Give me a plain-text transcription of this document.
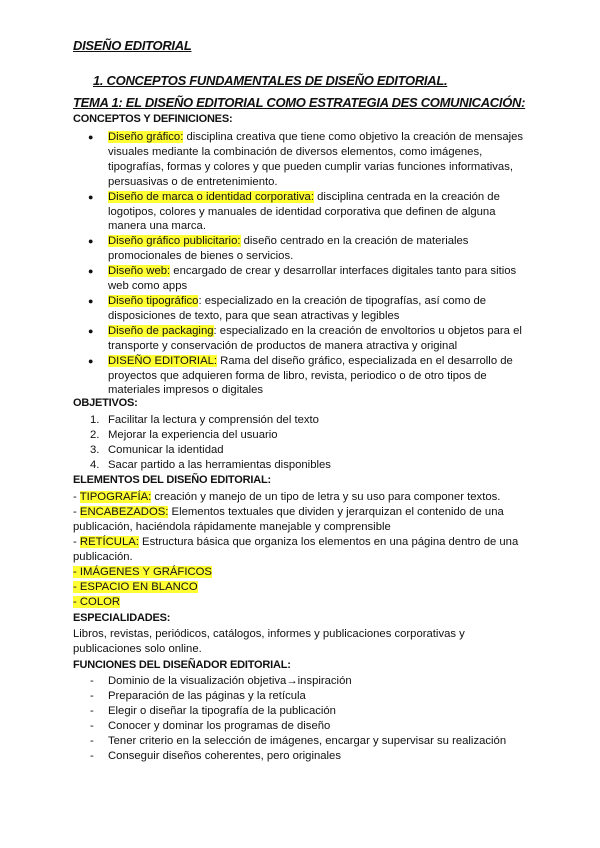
DISEÑO EDITORIAL
1. CONCEPTOS FUNDAMENTALES DE DISEÑO EDITORIAL.
TEMA 1: EL DISEÑO EDITORIAL COMO ESTRATEGIA DES COMUNICACIÓN:
CONCEPTOS Y DEFINICIONES:
● Diseño gráfico: disciplina creativa que tiene como objetivo la creación de mensajes visuales mediante la combinación de diversos elementos, como imágenes, tipografías, formas y colores y que pueden cumplir varias funciones informativas, persuasivas o de entretenimiento.
● Diseño de marca o identidad corporativa: disciplina centrada en la creación de logotipos, colores y manuales de identidad corporativa que definen de alguna manera una marca.
● Diseño gráfico publicitario: diseño centrado en la creación de materiales promocionales de bienes o servicios.
● Diseño web: encargado de crear y desarrollar interfaces digitales tanto para sitios web como apps
● Diseño tipográfico: especializado en la creación de tipografías, así como de disposiciones de texto, para que sean atractivas y legibles
● Diseño de packaging: especializado en la creación de envoltorios u objetos para el transporte y conservación de productos de manera atractiva y original
● DISEÑO EDITORIAL: Rama del diseño gráfico, especializada en el desarrollo de proyectos que adquieren forma de libro, revista, periodico o de otro tipos de materiales impresos o digitales
OBJETIVOS:
1. Facilitar la lectura y comprensión del texto
2. Mejorar la experiencia del usuario
3. Comunicar la identidad
4. Sacar partido a las herramientas disponibles
ELEMENTOS DEL DISEÑO EDITORIAL:
- TIPOGRAFÍA: creación y manejo de un tipo de letra y su uso para componer textos.
- ENCABEZADOS: Elementos textuales que dividen y jerarquizan el contenido de una publicación, haciéndola rápidamente manejable y comprensible
- RETÍCULA: Estructura básica que organiza los elementos en una página dentro de una publicación.
- IMÁGENES Y GRÁFICOS
- ESPACIO EN BLANCO
- COLOR
ESPECIALIDADES:

Libros, revistas, periódicos, catálogos, informes y publicaciones corporativas y publicaciones solo online.

FUNCIONES DEL DISEÑADOR EDITORIAL:
- Dominio de la visualización objetiva→inspiración
- Preparación de las páginas y la retícula
- Elegir o diseñar la tipografía de la publicación
- Conocer y dominar los programas de diseño
- Tener criterio en la selección de imágenes, encargar y supervisar su realización
- Conseguir diseños coherentes, pero originales
